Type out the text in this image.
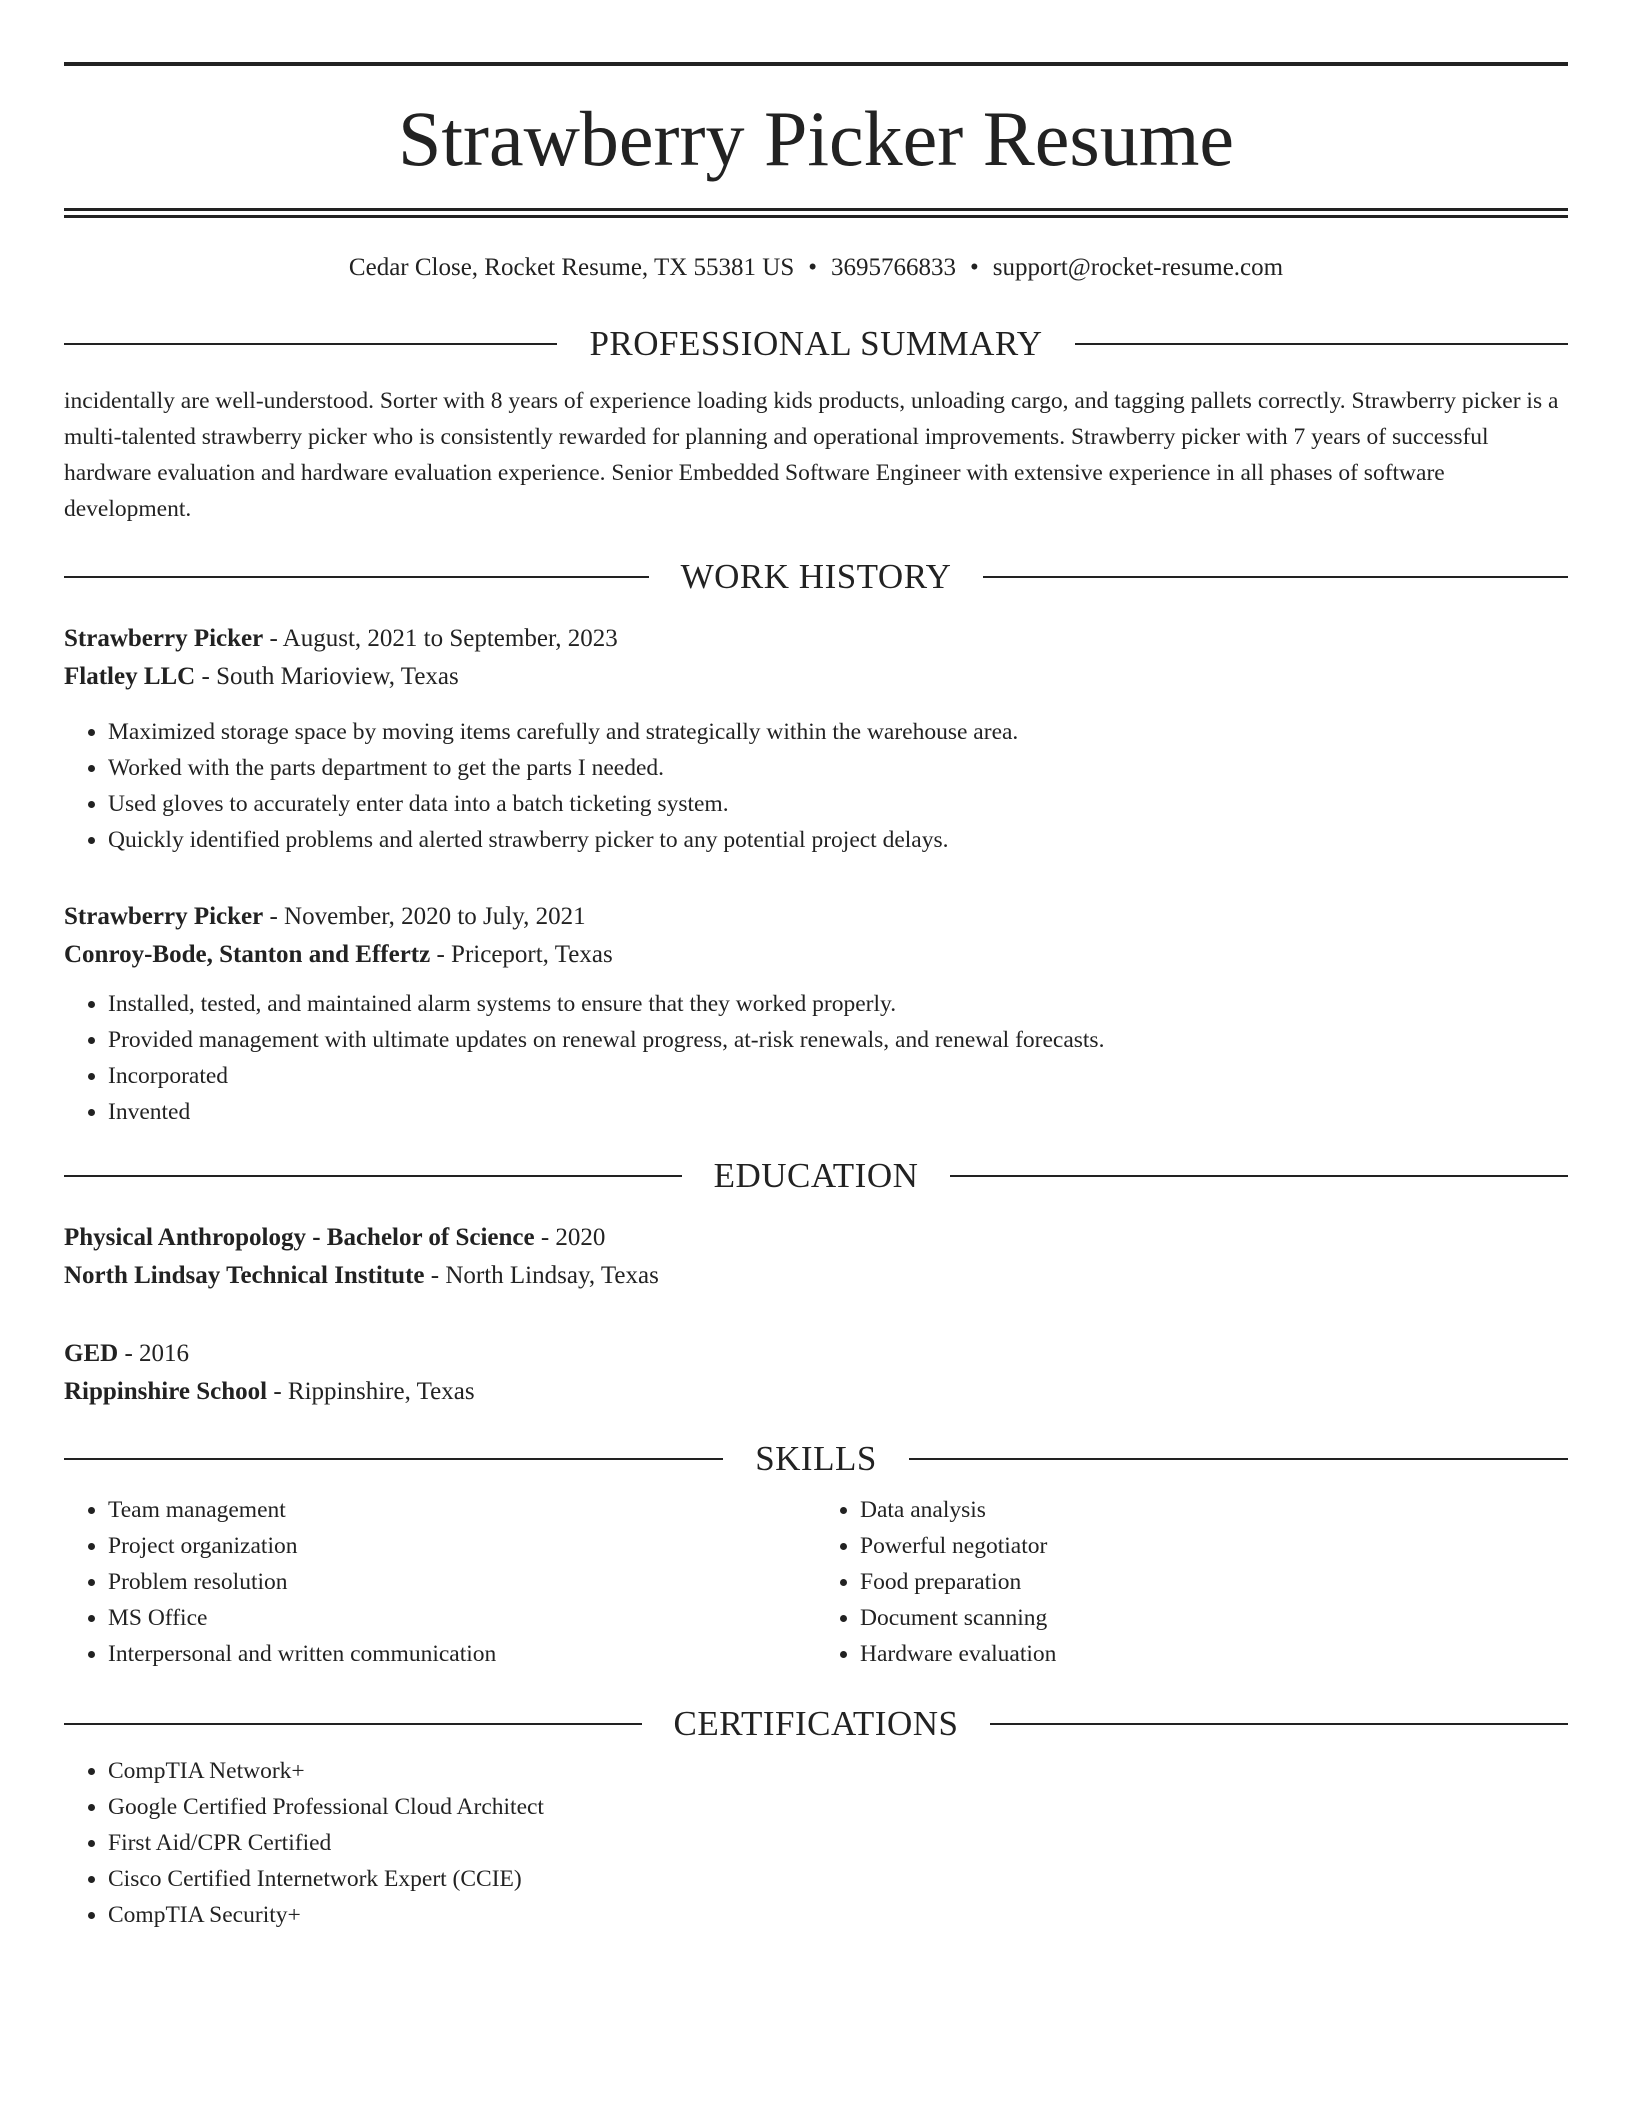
Strawberry Picker Resume
Cedar Close, Rocket Resume, TX 55381 US • 3695766833 • support@rocket-resume.com
PROFESSIONAL SUMMARY
incidentally are well-understood. Sorter with 8 years of experience loading kids products, unloading cargo, and tagging pallets correctly. Strawberry picker is a multi-talented strawberry picker who is consistently rewarded for planning and operational improvements. Strawberry picker with 7 years of successful hardware evaluation and hardware evaluation experience. Senior Embedded Software Engineer with extensive experience in all phases of software development.
WORK HISTORY
Strawberry Picker - August, 2021 to September, 2023
Flatley LLC - South Marioview, Texas
• Maximized storage space by moving items carefully and strategically within the warehouse area.
• Worked with the parts department to get the parts I needed.
• Used gloves to accurately enter data into a batch ticketing system.
• Quickly identified problems and alerted strawberry picker to any potential project delays.
Strawberry Picker - November, 2020 to July, 2021
Conroy-Bode, Stanton and Effertz - Priceport, Texas
• Installed, tested, and maintained alarm systems to ensure that they worked properly.
• Provided management with ultimate updates on renewal progress, at-risk renewals, and renewal forecasts.
• Incorporated
• Invented
EDUCATION
Physical Anthropology - Bachelor of Science - 2020
North Lindsay Technical Institute - North Lindsay, Texas
GED - 2016
Rippinshire School - Rippinshire, Texas
SKILLS
• Team management
• Project organization
• Problem resolution
• MS Office
• Interpersonal and written communication
• Data analysis
• Powerful negotiator
• Food preparation
• Document scanning
• Hardware evaluation
CERTIFICATIONS
• CompTIA Network+
• Google Certified Professional Cloud Architect
• First Aid/CPR Certified
• Cisco Certified Internetwork Expert (CCIE)
• CompTIA Security+
